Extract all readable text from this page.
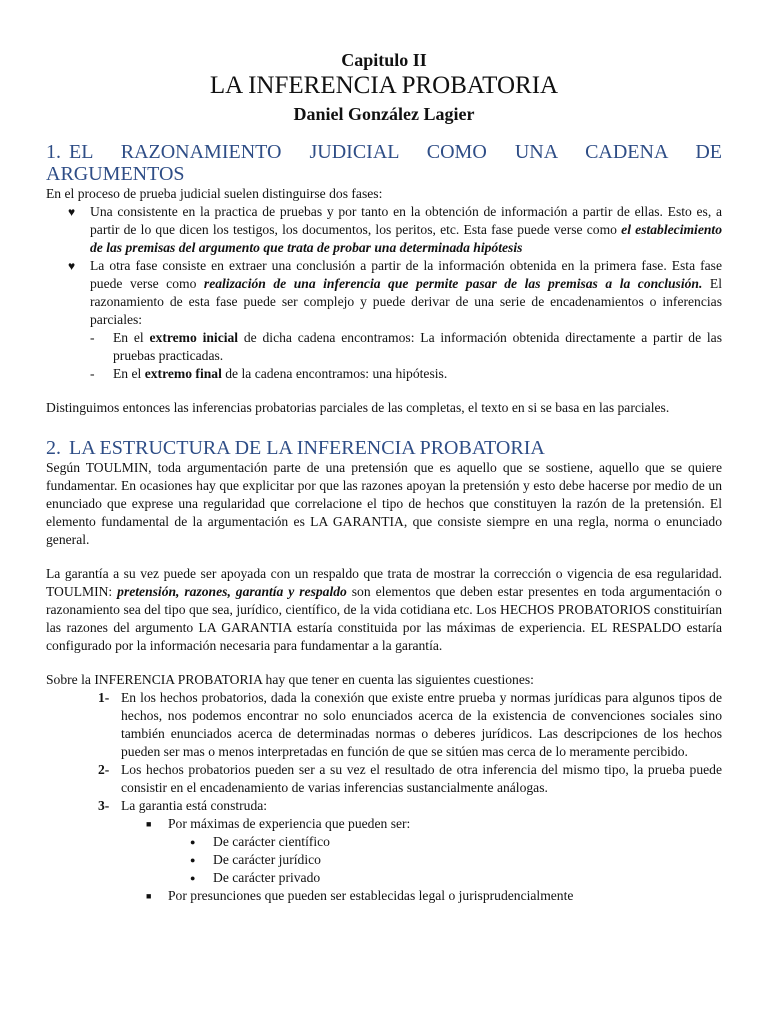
Capitulo II
LA INFERENCIA PROBATORIA
Daniel González Lagier
1. EL RAZONAMIENTO JUDICIAL COMO UNA CADENA DE ARGUMENTOS

En el proceso de prueba judicial suelen distinguirse dos fases:

♥ Una consistente en la practica de pruebas y por tanto en la obtención de información a partir de ellas. Esto es, a partir de lo que dicen los testigos, los documentos, los peritos, etc. Esta fase puede verse como el establecimiento de las premisas del argumento que trata de probar una determinada hipótesis
♥ La otra fase consiste en extraer una conclusión a partir de la información obtenida en la primera fase. Esta fase puede verse como realización de una inferencia que permite pasar de las premisas a la conclusión. El razonamiento de esta fase puede ser complejo y puede derivar de una serie de encadenamientos o inferencias parciales:
- En el extremo inicial de dicha cadena encontramos: La información obtenida directamente a partir de las pruebas practicadas.
- En el extremo final de la cadena encontramos: una hipótesis.

Distinguimos entonces las inferencias probatorias parciales de las completas, el texto en si se basa en las parciales.

2. LA ESTRUCTURA DE LA INFERENCIA PROBATORIA

Según TOULMIN, toda argumentación parte de una pretensión que es aquello que se sostiene, aquello que se quiere fundamentar. En ocasiones hay que explicitar por que las razones apoyan la pretensión y esto debe hacerse por medio de un enunciado que exprese una regularidad que correlacione el tipo de hechos que constituyen la razón de la pretensión. El elemento fundamental de la argumentación es LA GARANTIA, que consiste siempre en una regla, norma o enunciado general.

La garantía a su vez puede ser apoyada con un respaldo que trata de mostrar la corrección o vigencia de esa regularidad. TOULMIN: pretensión, razones, garantía y respaldo son elementos que deben estar presentes en toda argumentación o razonamiento sea del tipo que sea, jurídico, científico, de la vida cotidiana etc. Los HECHOS PROBATORIOS constituirían las razones del argumento LA GARANTIA estaría constituida por las máximas de experiencia. EL RESPALDO estaría configurado por la información necesaria para fundamentar a la garantía.

Sobre la INFERENCIA PROBATORIA hay que tener en cuenta las siguientes cuestiones:

1- En los hechos probatorios, dada la conexión que existe entre prueba y normas jurídicas para algunos tipos de hechos, nos podemos encontrar no solo enunciados acerca de la existencia de convenciones sociales sino también enunciados acerca de determinadas normas o deberes jurídicos. Las descripciones de los hechos pueden ser mas o menos interpretadas en función de que se sitúen mas cerca de lo meramente percibido.
2- Los hechos probatorios pueden ser a su vez el resultado de otra inferencia del mismo tipo, la prueba puede consistir en el encadenamiento de varias inferencias sustancialmente análogas.
3- La garantia está construda:
■ Por máximas de experiencia que pueden ser:
● De carácter científico
● De carácter jurídico
● De carácter privado
■ Por presunciones que pueden ser establecidas legal o jurisprudencialmente
